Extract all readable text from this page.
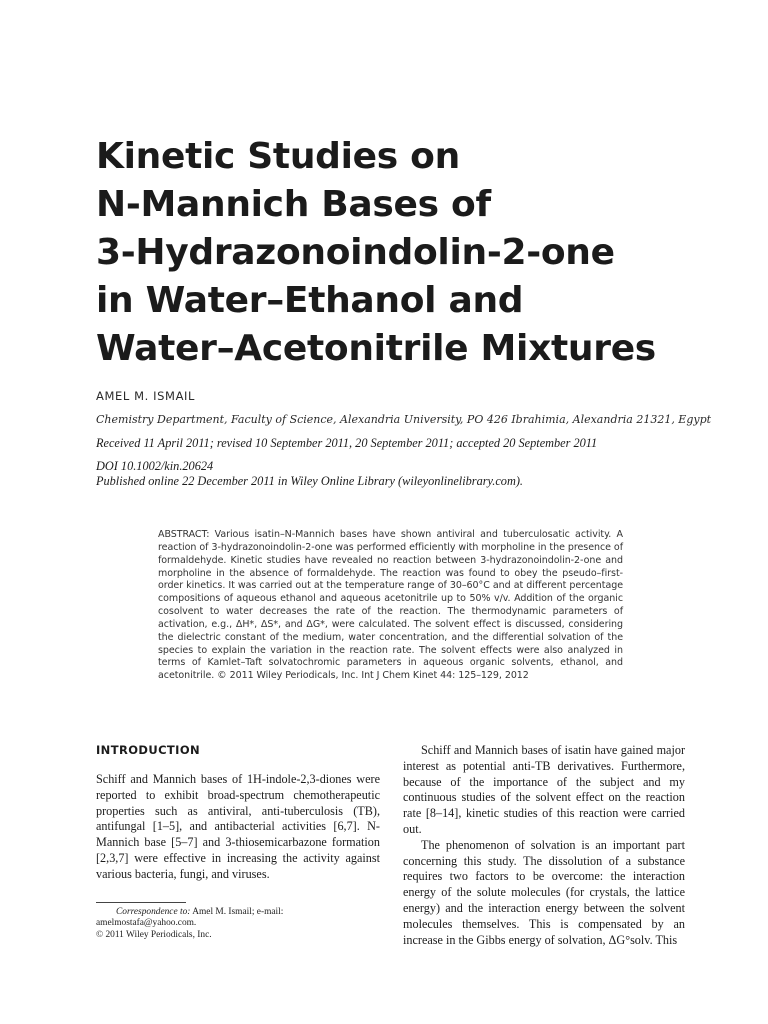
Kinetic Studies on
N-Mannich Bases of
3-Hydrazonoindolin-2-one
in Water–Ethanol and
Water–Acetonitrile Mixtures
AMEL M. ISMAIL
Chemistry Department, Faculty of Science, Alexandria University, PO 426 Ibrahimia, Alexandria 21321, Egypt
Received 11 April 2011; revised 10 September 2011, 20 September 2011; accepted 20 September 2011
DOI 10.1002/kin.20624
Published online 22 December 2011 in Wiley Online Library (wileyonlinelibrary.com).
ABSTRACT: Various isatin–N-Mannich bases have shown antiviral and tuberculosatic activity. A reaction of 3-hydrazonoindolin-2-one was performed efficiently with morpholine in the presence of formaldehyde. Kinetic studies have revealed no reaction between 3-hydrazonoindolin-2-one and morpholine in the absence of formaldehyde. The reaction was found to obey the pseudo–first-order kinetics. It was carried out at the temperature range of 30–60°C and at different percentage compositions of aqueous ethanol and aqueous acetonitrile up to 50% v/v. Addition of the organic cosolvent to water decreases the rate of the reaction. The thermodynamic parameters of activation, e.g., ΔH*, ΔS*, and ΔG*, were calculated. The solvent effect is discussed, considering the dielectric constant of the medium, water concentration, and the differential solvation of the species to explain the variation in the reaction rate. The solvent effects were also analyzed in terms of Kamlet–Taft solvatochromic parameters in aqueous organic solvents, ethanol, and acetonitrile. © 2011 Wiley Periodicals, Inc. Int J Chem Kinet 44: 125–129, 2012
INTRODUCTION

Schiff and Mannich bases of 1H-indole-2,3-diones were reported to exhibit broad-spectrum chemotherapeutic properties such as antiviral, anti-tuberculosis (TB), antifungal [1–5], and antibacterial activities [6,7]. N-Mannich base [5–7] and 3-thiosemicarbazone formation [2,3,7] were effective in increasing the activity against various bacteria, fungi, and viruses.

Schiff and Mannich bases of isatin have gained major interest as potential anti-TB derivatives. Furthermore, because of the importance of the subject and my continuous studies of the solvent effect on the reaction rate [8–14], kinetic studies of this reaction were carried out.

The phenomenon of solvation is an important part concerning this study. The dissolution of a substance requires two factors to be overcome: the interaction energy of the solute molecules (for crystals, the lattice energy) and the interaction energy between the solvent molecules themselves. This is compensated by an increase in the Gibbs energy of solvation, ΔG°solv. This

Correspondence to: Amel M. Ismail; e-mail: amelmostafa@yahoo.com.
© 2011 Wiley Periodicals, Inc.
